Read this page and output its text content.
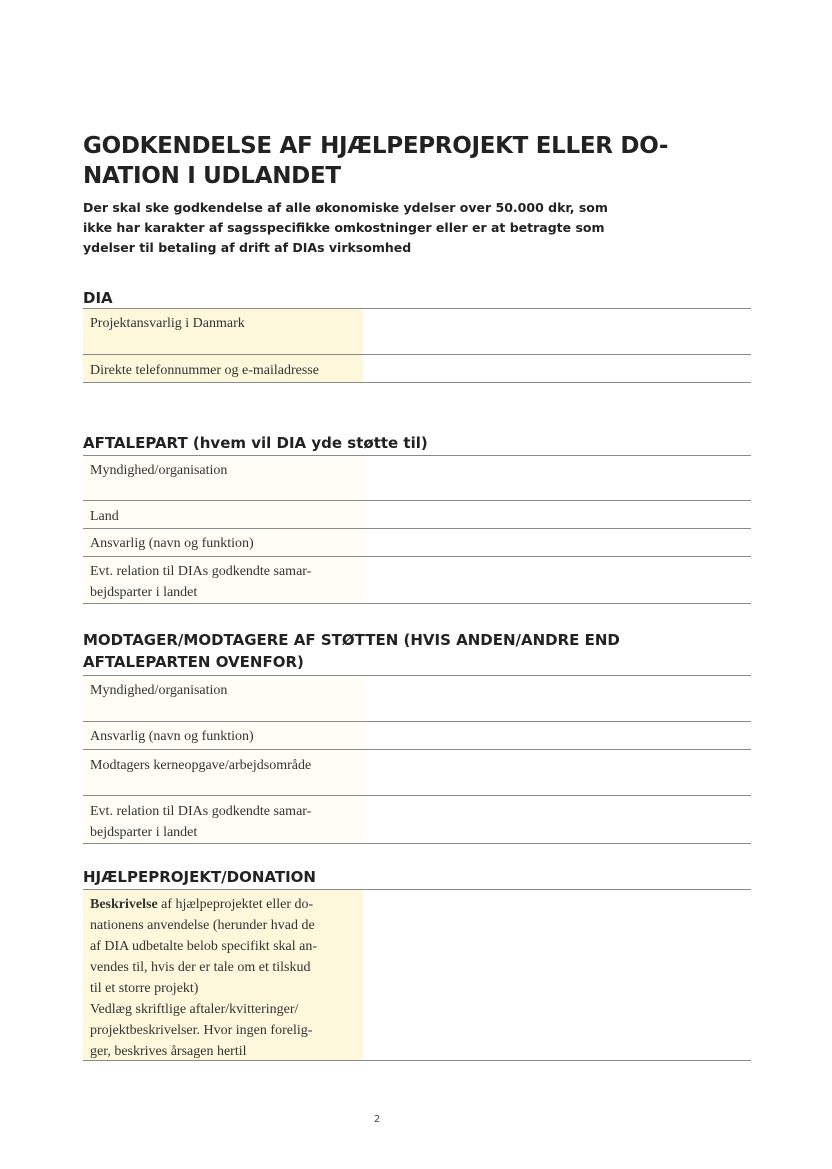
GODKENDELSE AF HJÆLPEPROJEKT ELLER DO-
NATION I UDLANDET
Der skal ske godkendelse af alle økonomiske ydelser over 50.000 dkr, som
ikke har karakter af sagsspecifikke omkostninger eller er at betragte som
ydelser til betaling af drift af DIAs virksomhed
DIA
Projektansvarlig i Danmark
Direkte telefonnummer og e-mailadresse
AFTALEPART (hvem vil DIA yde støtte til)
Myndighed/organisation
Land
Ansvarlig (navn og funktion)
Evt. relation til DIAs godkendte samar-
bejdsparter i landet
MODTAGER/MODTAGERE AF STØTTEN (HVIS ANDEN/ANDRE END
AFTALEPARTEN OVENFOR)
Myndighed/organisation
Ansvarlig (navn og funktion)
Modtagers kerneopgave/arbejdsområde
Evt. relation til DIAs godkendte samar-
bejdsparter i landet
HJÆLPEPROJEKT/DONATION
Beskrivelse af hjælpeprojektet eller do-
nationens anvendelse (herunder hvad de
af DIA udbetalte belob specifikt skal an-
vendes til, hvis der er tale om et tilskud
til et storre projekt)
Vedlæg skriftlige aftaler/kvitteringer/
projektbeskrivelser. Hvor ingen forelig-
ger, beskrives årsagen hertil
2
